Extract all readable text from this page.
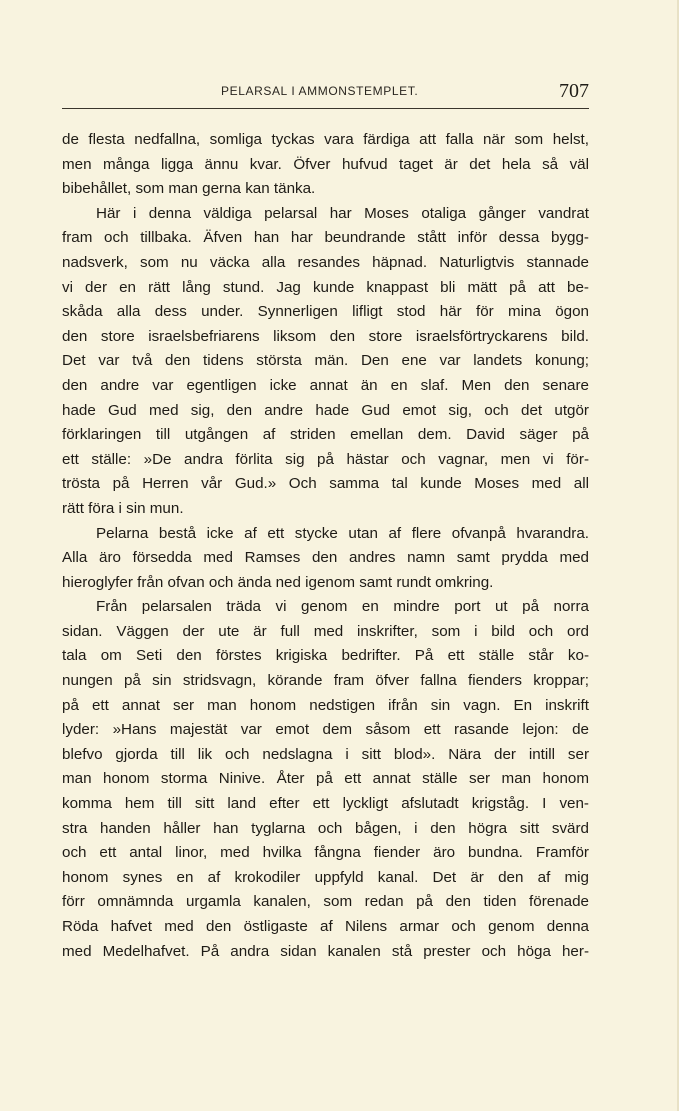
PELARSAL I AMMONSTEMPLET.	707
de flesta nedfallna, somliga tyckas vara färdiga att falla när som helst,
men många ligga ännu kvar. Öfver hufvud taget är det hela så väl
bibehållet, som man gerna kan tänka.
Här i denna väldiga pelarsal har Moses otaliga gånger vandrat
fram och tillbaka. Äfven han har beundrande stått inför dessa bygg-
nadsverk, som nu väcka alla resandes häpnad. Naturligtvis stannade
vi der en rätt lång stund. Jag kunde knappast bli mätt på att be-
skåda alla dess under. Synnerligen lifligt stod här för mina ögon
den store israelsbefriarens liksom den store israelsförtryckarens bild.
Det var två den tidens största män. Den ene var landets konung;
den andre var egentligen icke annat än en slaf. Men den senare
hade Gud med sig, den andre hade Gud emot sig, och det utgör
förklaringen till utgången af striden emellan dem. David säger på
ett ställe: »De andra förlita sig på hästar och vagnar, men vi för-
trösta på Herren vår Gud.» Och samma tal kunde Moses med all
rätt föra i sin mun.
Pelarna bestå icke af ett stycke utan af flere ofvanpå hvarandra.
Alla äro försedda med Ramses den andres namn samt prydda med
hieroglyfer från ofvan och ända ned igenom samt rundt omkring.
Från pelarsalen träda vi genom en mindre port ut på norra
sidan. Väggen der ute är full med inskrifter, som i bild och ord
tala om Seti den förstes krigiska bedrifter. På ett ställe står ko-
nungen på sin stridsvagn, körande fram öfver fallna fienders kroppar;
på ett annat ser man honom nedstigen ifrån sin vagn. En inskrift
lyder: »Hans majestät var emot dem såsom ett rasande lejon: de
blefvo gjorda till lik och nedslagna i sitt blod». Nära der intill ser
man honom storma Ninive. Åter på ett annat ställe ser man honom
komma hem till sitt land efter ett lyckligt afslutadt krigståg. I ven-
stra handen håller han tyglarna och bågen, i den högra sitt svärd
och ett antal linor, med hvilka fångna fiender äro bundna. Framför
honom synes en af krokodiler uppfyld kanal. Det är den af mig
förr omnämnda urgamla kanalen, som redan på den tiden förenade
Röda hafvet med den östligaste af Nilens armar och genom denna
med Medelhafvet. På andra sidan kanalen stå prester och höga her-
